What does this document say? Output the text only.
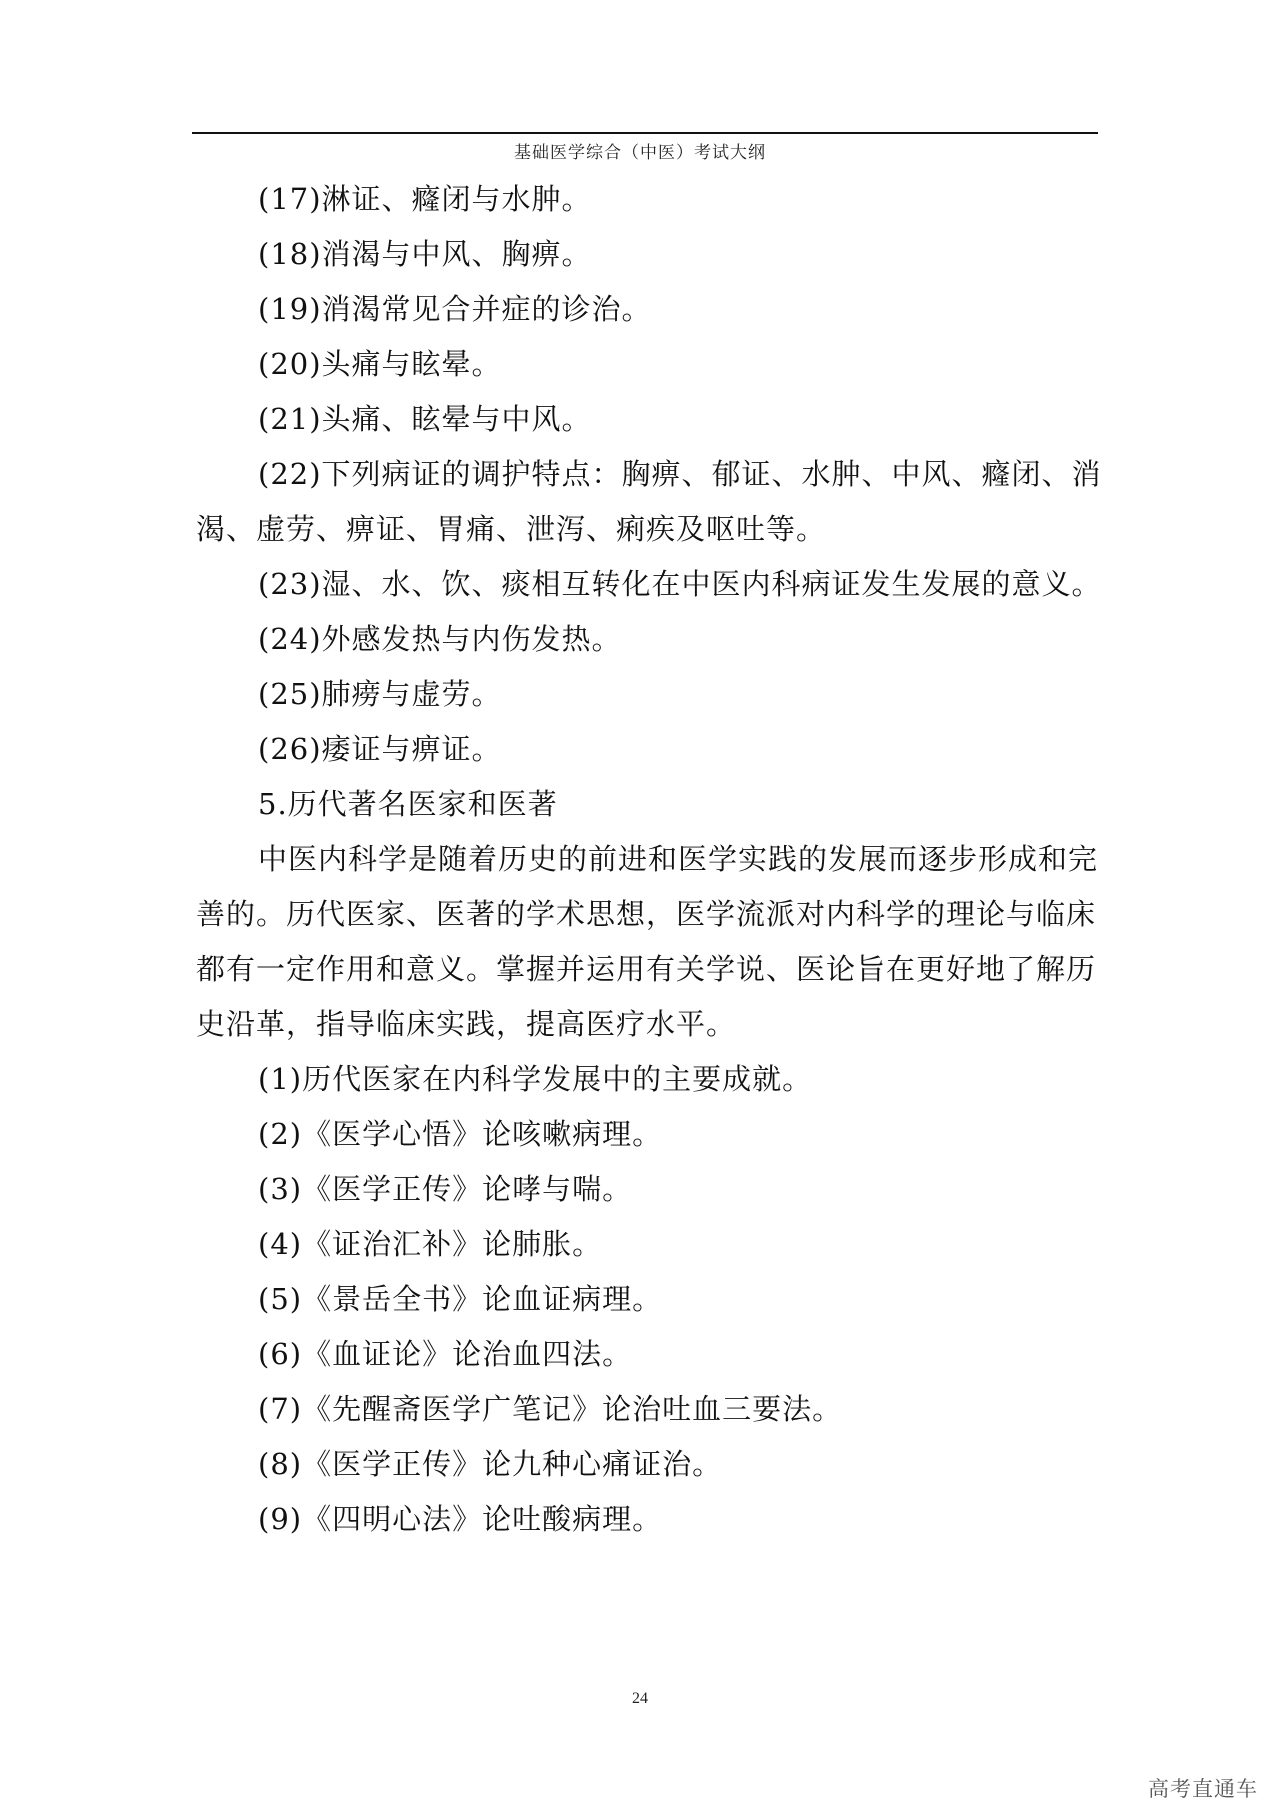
基础医学综合（中医）考试大纲

(17)淋证、癃闭与水肿。

(18)消渴与中风、胸痹。

(19)消渴常见合并症的诊治。

(20)头痛与眩晕。

(21)头痛、眩晕与中风。

(22)下列病证的调护特点：胸痹、郁证、水肿、中风、癃闭、消渴、虚劳、痹证、胃痛、泄泻、痢疾及呕吐等。

(23)湿、水、饮、痰相互转化在中医内科病证发生发展的意义。

(24)外感发热与内伤发热。

(25)肺痨与虚劳。

(26)痿证与痹证。

5.历代著名医家和医著

中医内科学是随着历史的前进和医学实践的发展而逐步形成和完善的。历代医家、医著的学术思想，医学流派对内科学的理论与临床都有一定作用和意义。掌握并运用有关学说、医论旨在更好地了解历史沿革，指导临床实践，提高医疗水平。

(1)历代医家在内科学发展中的主要成就。

(2)《医学心悟》论咳嗽病理。

(3)《医学正传》论哮与喘。

(4)《证治汇补》论肺胀。

(5)《景岳全书》论血证病理。

(6)《血证论》论治血四法。

(7)《先醒斋医学广笔记》论治吐血三要法。

(8)《医学正传》论九种心痛证治。

(9)《四明心法》论吐酸病理。

24
高考直通车
